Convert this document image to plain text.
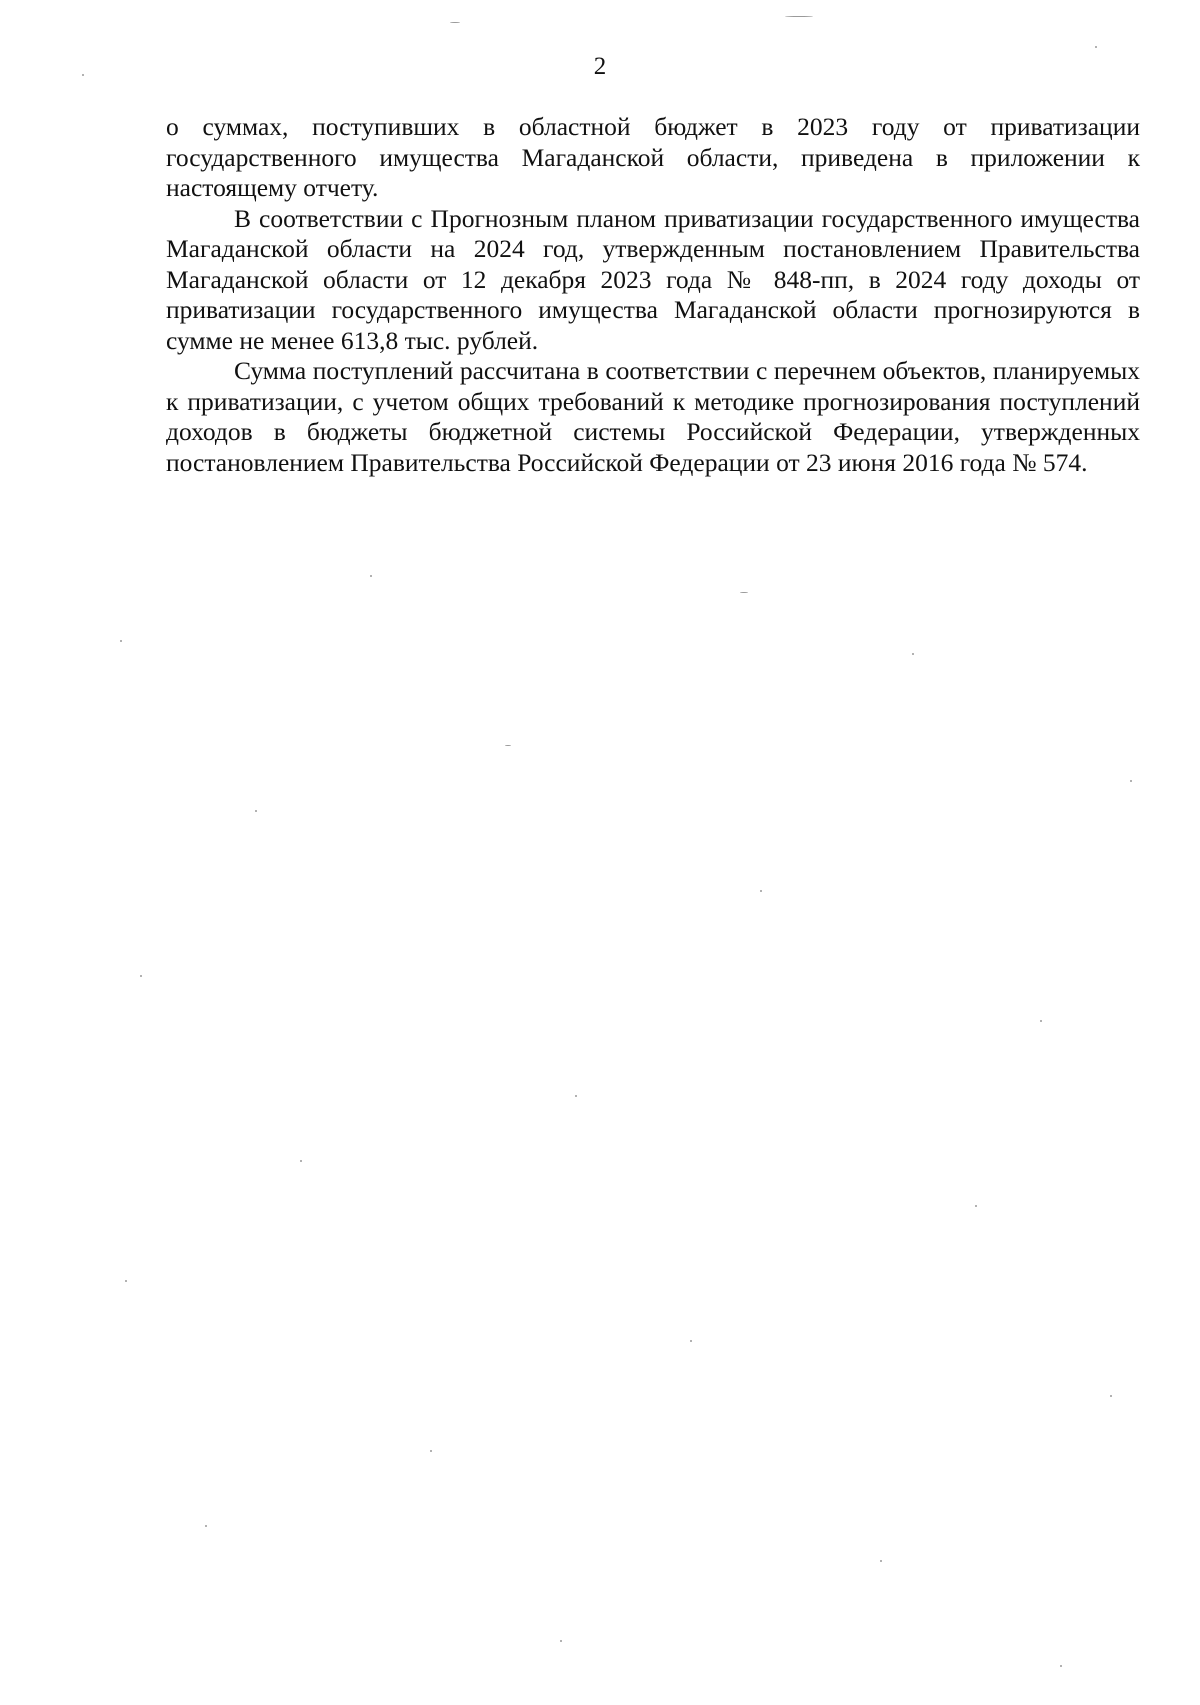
2

о суммах, поступивших в областной бюджет в 2023 году от приватизации государственного имущества Магаданской области, приведена в приложении к настоящему отчету.

В соответствии с Прогнозным планом приватизации государственного имущества Магаданской области на 2024 год, утвержденным постановлением Правительства Магаданской области от 12 декабря 2023 года № 848-пп, в 2024 году доходы от приватизации государственного имущества Магаданской области прогнозируются в сумме не менее 613,8 тыс. рублей.

Сумма поступлений рассчитана в соответствии с перечнем объектов, планируемых к приватизации, с учетом общих требований к методике прогнозирования поступлений доходов в бюджеты бюджетной системы Российской Федерации, утвержденных постановлением Правительства Российской Федерации от 23 июня 2016 года № 574.
